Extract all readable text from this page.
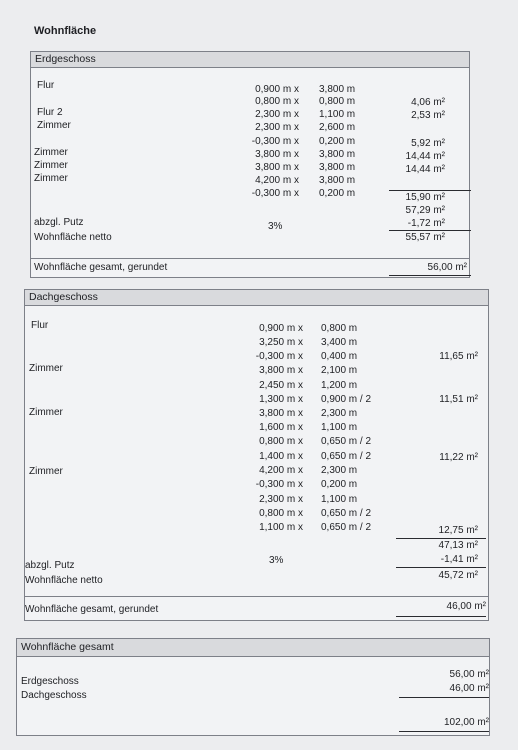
Wohnfläche
Erdgeschoss
Flur
Flur 2
Zimmer
Zimmer
Zimmer
Zimmer
abzgl. Putz
Wohnfläche netto
0,900 m x
0,800 m x
2,300 m x
2,300 m x
-0,300 m x
3,800 m x
3,800 m x
4,200 m x
-0,300 m x
3,800 m
0,800 m
1,100 m
2,600 m
0,200 m
3,800 m
3,800 m
3,800 m
0,200 m
3%
4,06 m²
2,53 m²
5,92 m²
14,44 m²
14,44 m²
15,90 m²
57,29 m²
-1,72 m²
55,57 m²
Wohnfläche gesamt, gerundet	56,00 m²
Dachgeschoss
Flur
Zimmer
Zimmer
Zimmer
abzgl. Putz
Wohnfläche netto
0,900 m x
3,250 m x
-0,300 m x
3,800 m x
2,450 m x
1,300 m x
3,800 m x
1,600 m x
0,800 m x
1,400 m x
4,200 m x
-0,300 m x
2,300 m x
0,800 m x
1,100 m x
0,800 m
3,400 m
0,400 m
2,100 m
1,200 m
0,900 m / 2
2,300 m
1,100 m
0,650 m / 2
0,650 m / 2
2,300 m
0,200 m
1,100 m
0,650 m / 2
0,650 m / 2
3%
11,65 m²
11,51 m²
11,22 m²
12,75 m²
47,13 m²
-1,41 m²
45,72 m²
Wohnfläche gesamt, gerundet	46,00 m²
Wohnfläche gesamt
Erdgeschoss
Dachgeschoss
56,00 m²
46,00 m²
102,00 m²
